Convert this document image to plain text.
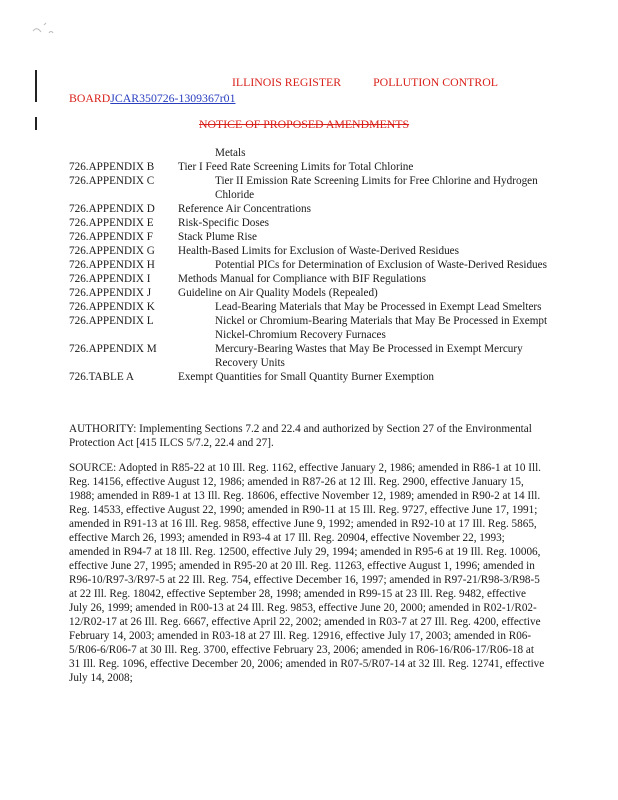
ILLINOIS REGISTER	POLLUTION CONTROL
BOARDJCAR350726-1309367r01
NOTICE OF PROPOSED AMENDMENTS
Metals
726.APPENDIX B	Tier I Feed Rate Screening Limits for Total Chlorine
726.APPENDIX C	Tier II Emission Rate Screening Limits for Free Chlorine and Hydrogen Chloride
726.APPENDIX D	Reference Air Concentrations
726.APPENDIX E	Risk-Specific Doses
726.APPENDIX F	Stack Plume Rise
726.APPENDIX G	Health-Based Limits for Exclusion of Waste-Derived Residues
726.APPENDIX H	Potential PICs for Determination of Exclusion of Waste-Derived Residues
726.APPENDIX I	Methods Manual for Compliance with BIF Regulations
726.APPENDIX J	Guideline on Air Quality Models (Repealed)
726.APPENDIX K	Lead-Bearing Materials that May be Processed in Exempt Lead Smelters
726.APPENDIX L	Nickel or Chromium-Bearing Materials that May Be Processed in Exempt Nickel-Chromium Recovery Furnaces
726.APPENDIX M	Mercury-Bearing Wastes that May Be Processed in Exempt Mercury Recovery Units
726.TABLE A	Exempt Quantities for Small Quantity Burner Exemption
AUTHORITY: Implementing Sections 7.2 and 22.4 and authorized by Section 27 of the Environmental Protection Act [415 ILCS 5/7.2, 22.4 and 27].
SOURCE: Adopted in R85-22 at 10 Ill. Reg. 1162, effective January 2, 1986; amended in R86-1 at 10 Ill. Reg. 14156, effective August 12, 1986; amended in R87-26 at 12 Ill. Reg. 2900, effective January 15, 1988; amended in R89-1 at 13 Ill. Reg. 18606, effective November 12, 1989; amended in R90-2 at 14 Ill. Reg. 14533, effective August 22, 1990; amended in R90-11 at 15 Ill. Reg. 9727, effective June 17, 1991; amended in R91-13 at 16 Ill. Reg. 9858, effective June 9, 1992; amended in R92-10 at 17 Ill. Reg. 5865, effective March 26, 1993; amended in R93-4 at 17 Ill. Reg. 20904, effective November 22, 1993; amended in R94-7 at 18 Ill. Reg. 12500, effective July 29, 1994; amended in R95-6 at 19 Ill. Reg. 10006, effective June 27, 1995; amended in R95-20 at 20 Ill. Reg. 11263, effective August 1, 1996; amended in R96-10/R97-3/R97-5 at 22 Ill. Reg. 754, effective December 16, 1997; amended in R97-21/R98-3/R98-5 at 22 Ill. Reg. 18042, effective September 28, 1998; amended in R99-15 at 23 Ill. Reg. 9482, effective July 26, 1999; amended in R00-13 at 24 Ill. Reg. 9853, effective June 20, 2000; amended in R02-1/R02-12/R02-17 at 26 Ill. Reg. 6667, effective April 22, 2002; amended in R03-7 at 27 Ill. Reg. 4200, effective February 14, 2003; amended in R03-18 at 27 Ill. Reg. 12916, effective July 17, 2003; amended in R06-5/R06-6/R06-7 at 30 Ill. Reg. 3700, effective February 23, 2006; amended in R06-16/R06-17/R06-18 at 31 Ill. Reg. 1096, effective December 20, 2006; amended in R07-5/R07-14 at 32 Ill. Reg. 12741, effective July 14, 2008;
